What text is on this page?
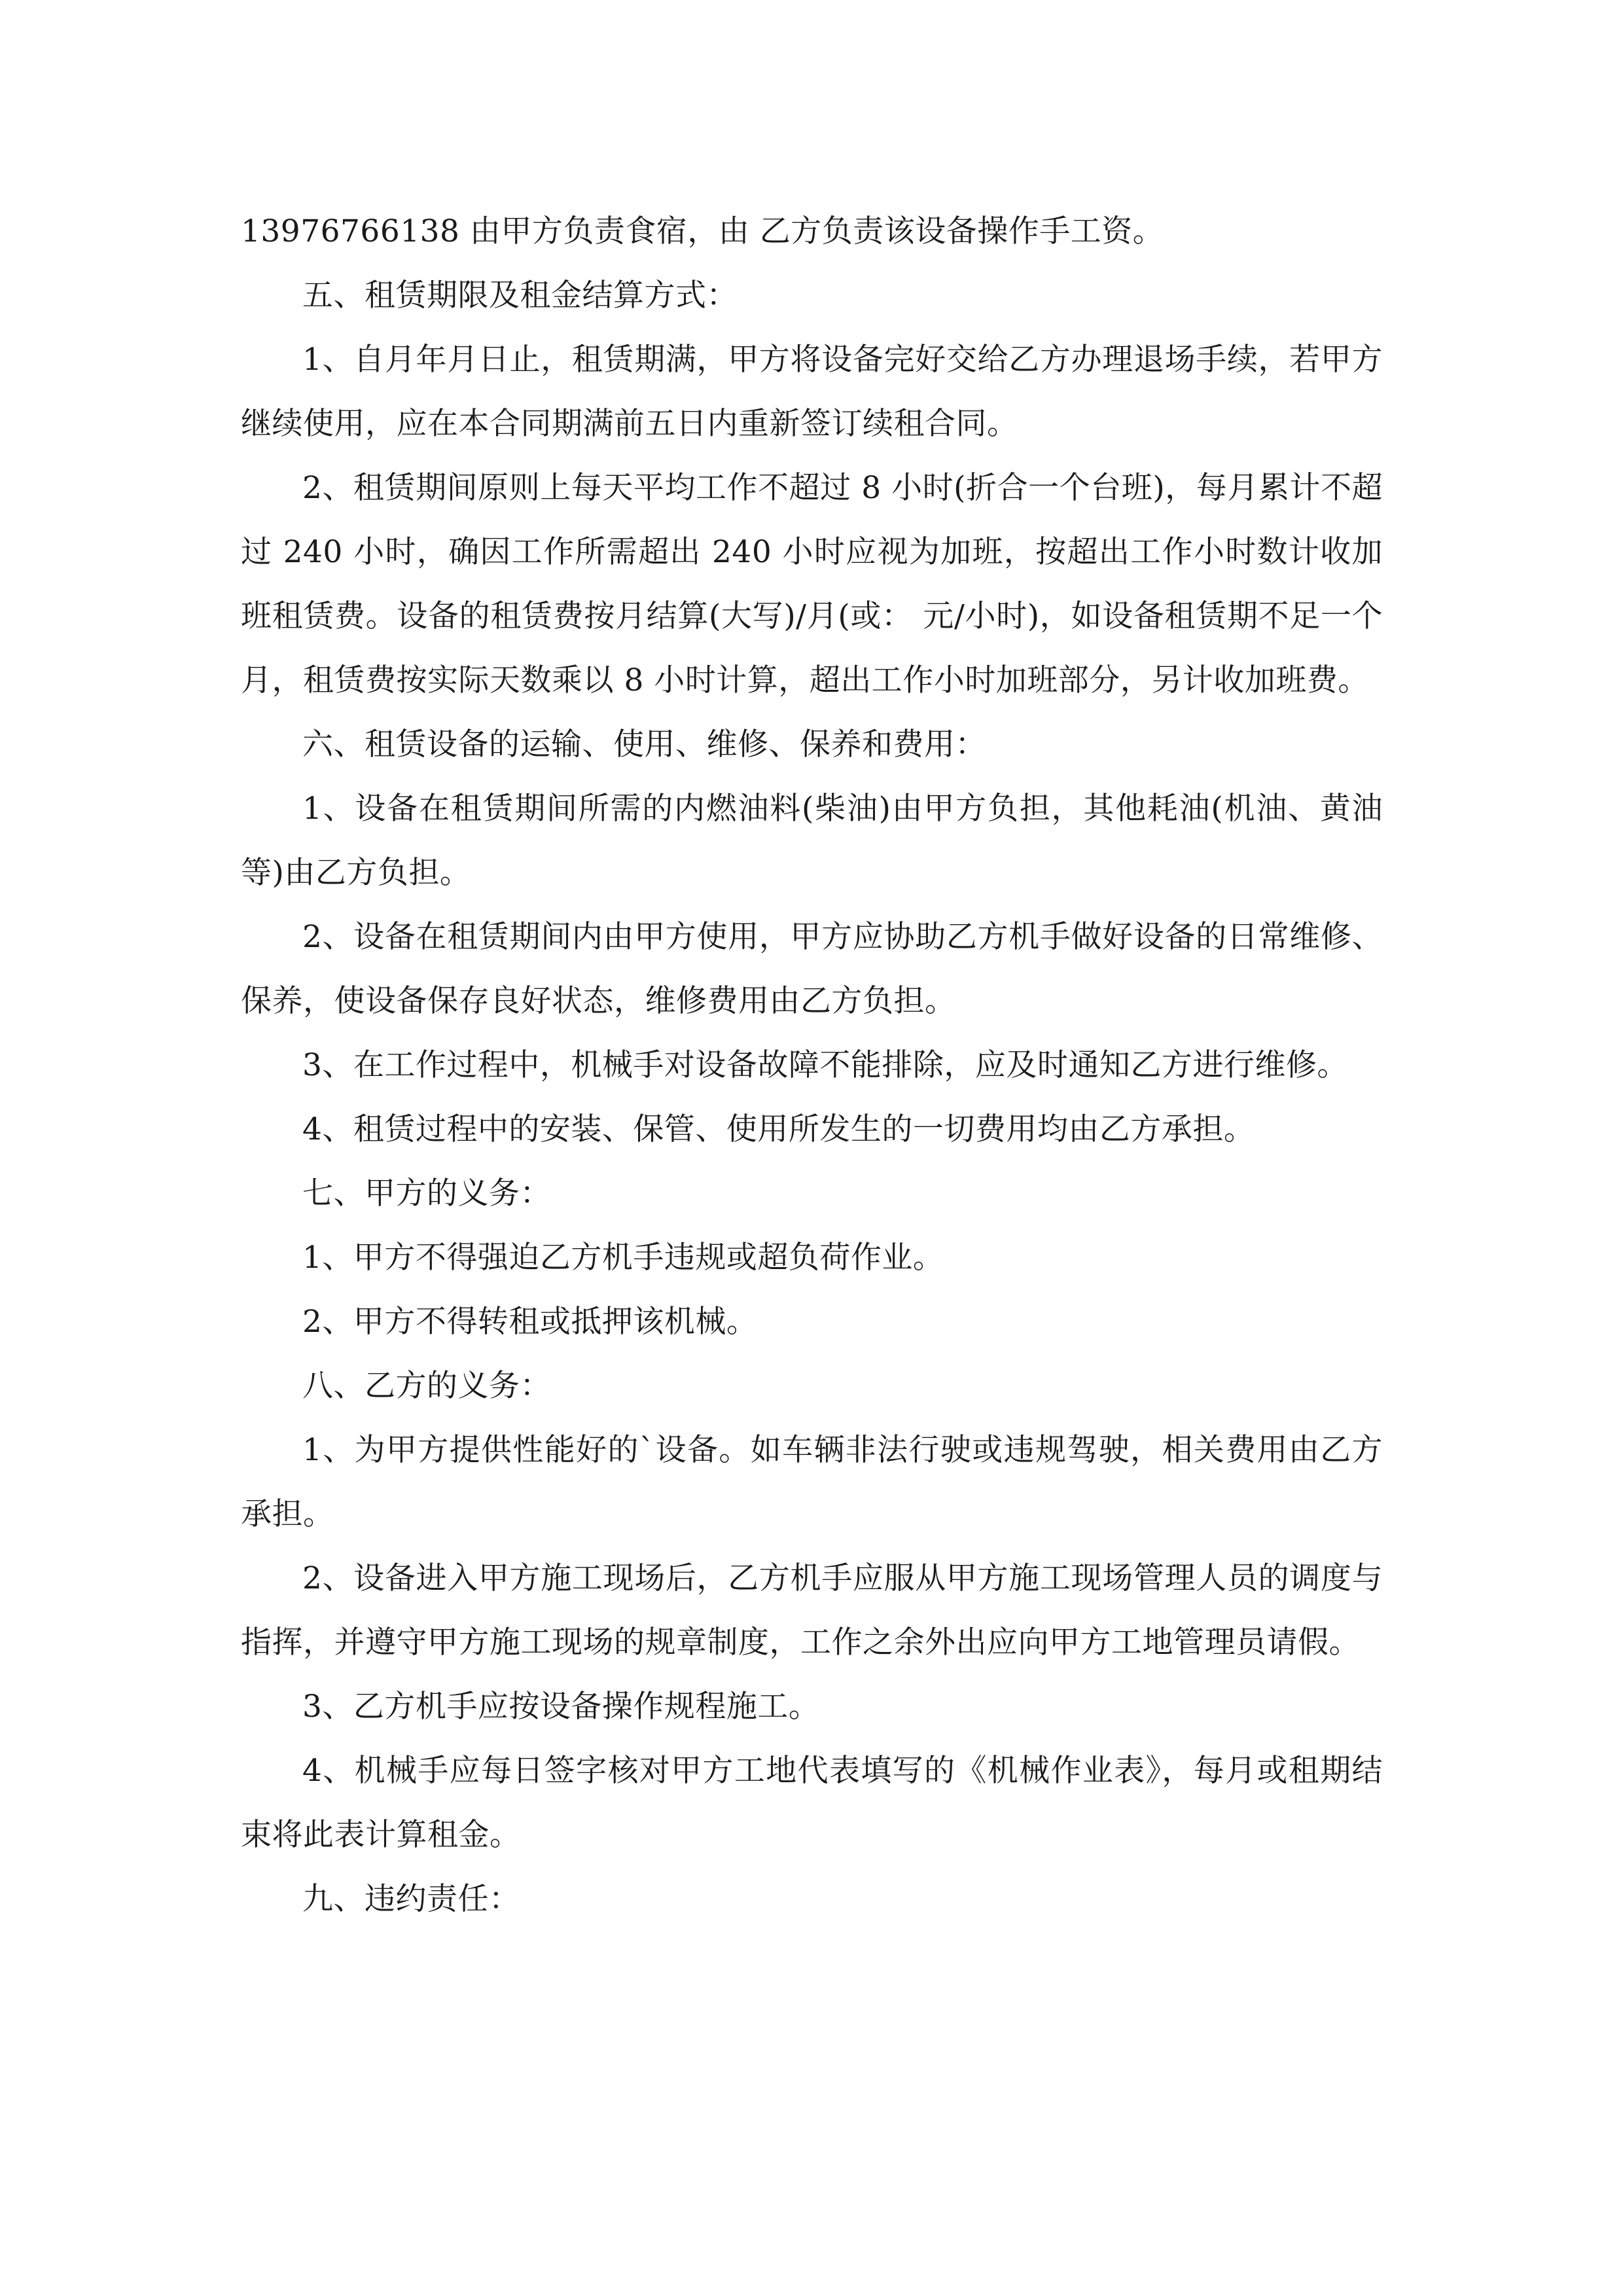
13976766138 由甲方负责食宿，由 乙方负责该设备操作手工资。

五、租赁期限及租金结算方式：

1、自月年月日止，租赁期满，甲方将设备完好交给乙方办理退场手续，若甲方继续使用，应在本合同期满前五日内重新签订续租合同。

2、租赁期间原则上每天平均工作不超过 8 小时(折合一个台班)，每月累计不超过 240 小时，确因工作所需超出 240 小时应视为加班，按超出工作小时数计收加班租赁费。设备的租赁费按月结算(大写)/月(或： 元/小时)，如设备租赁期不足一个月，租赁费按实际天数乘以 8 小时计算，超出工作小时加班部分，另计收加班费。

六、租赁设备的运输、使用、维修、保养和费用：

1、设备在租赁期间所需的内燃油料(柴油)由甲方负担，其他耗油(机油、黄油等)由乙方负担。

2、设备在租赁期间内由甲方使用，甲方应协助乙方机手做好设备的日常维修、保养，使设备保存良好状态，维修费用由乙方负担。

3、在工作过程中，机械手对设备故障不能排除，应及时通知乙方进行维修。

4、租赁过程中的安装、保管、使用所发生的一切费用均由乙方承担。

七、甲方的义务：

1、甲方不得强迫乙方机手违规或超负荷作业。

2、甲方不得转租或抵押该机械。

八、乙方的义务：

1、为甲方提供性能好的`设备。如车辆非法行驶或违规驾驶，相关费用由乙方承担。

2、设备进入甲方施工现场后，乙方机手应服从甲方施工现场管理人员的调度与指挥，并遵守甲方施工现场的规章制度，工作之余外出应向甲方工地管理员请假。

3、乙方机手应按设备操作规程施工。

4、机械手应每日签字核对甲方工地代表填写的《机械作业表》，每月或租期结束将此表计算租金。

九、违约责任：
